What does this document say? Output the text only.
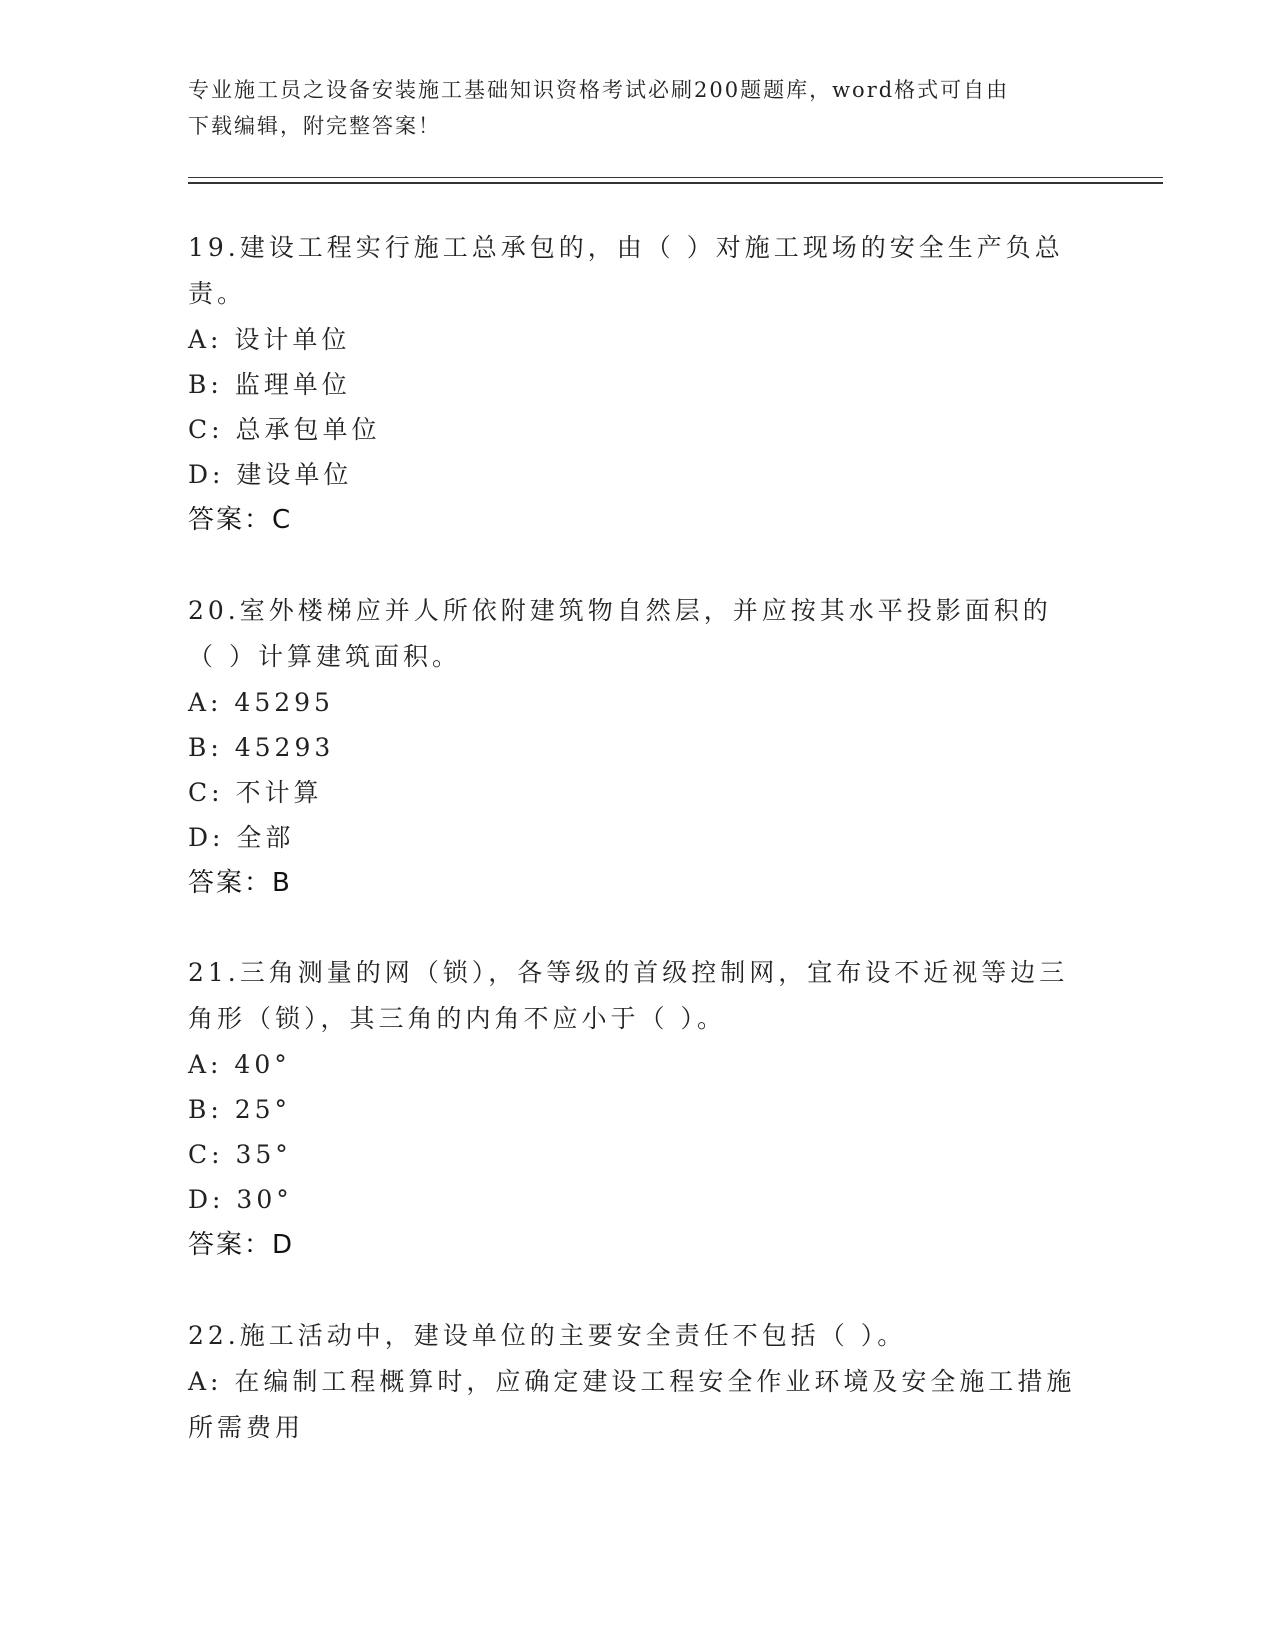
专业施工员之设备安装施工基础知识资格考试必刷200题题库，word格式可自由
下载编辑，附完整答案！
19.建设工程实行施工总承包的，由（ ）对施工现场的安全生产负总责。
A: 设计单位
B: 监理单位
C: 总承包单位
D: 建设单位
答案：C
20.室外楼梯应并人所依附建筑物自然层，并应按其水平投影面积的（ ）计算建筑面积。
A: 45295
B: 45293
C: 不计算
D: 全部
答案：B
21.三角测量的网（锁），各等级的首级控制网，宜布设不近视等边三角形（锁），其三角的内角不应小于（ ）。
A: 40°
B: 25°
C: 35°
D: 30°
答案：D
22.施工活动中，建设单位的主要安全责任不包括（ ）。
A: 在编制工程概算时，应确定建设工程安全作业环境及安全施工措施所需费用
